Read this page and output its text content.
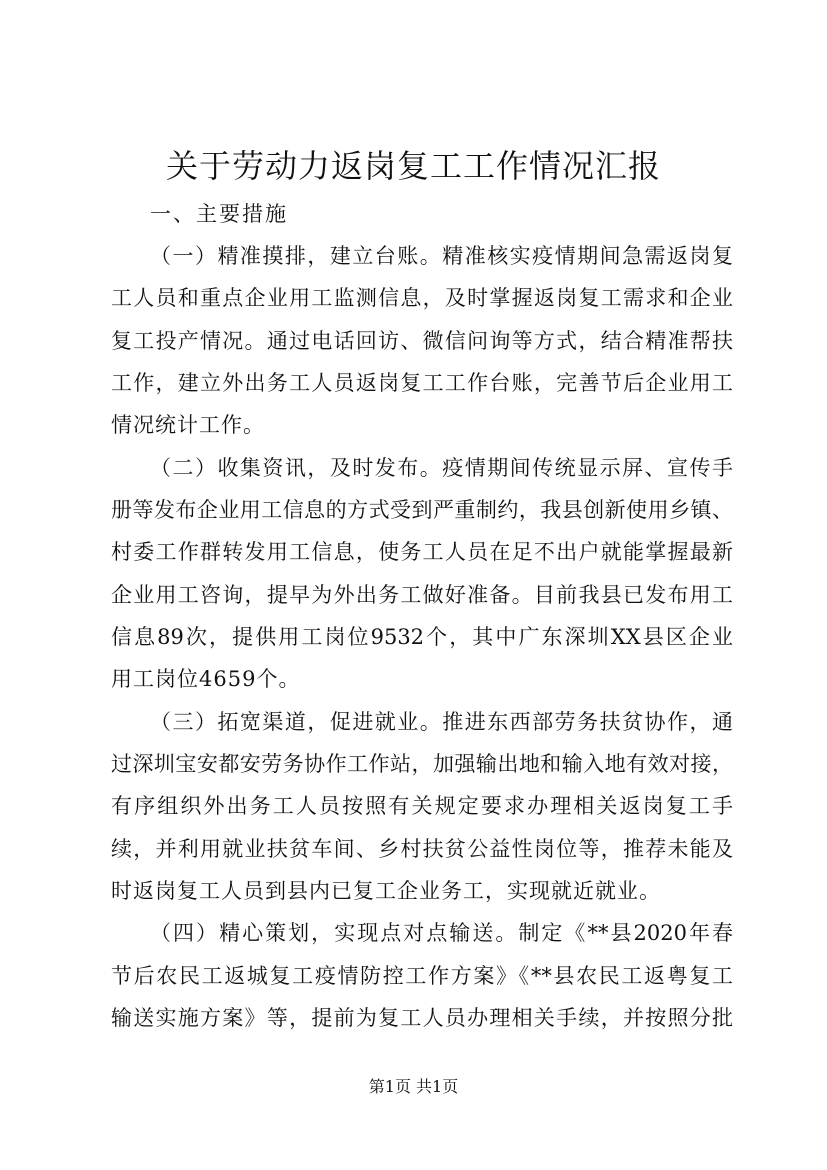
关于劳动力返岗复工工作情况汇报
一、主要措施
（一）精准摸排，建立台账。精准核实疫情期间急需返岗复
工人员和重点企业用工监测信息，及时掌握返岗复工需求和企业
复工投产情况。通过电话回访、微信问询等方式，结合精准帮扶
工作，建立外出务工人员返岗复工工作台账，完善节后企业用工
情况统计工作。
（二）收集资讯，及时发布。疫情期间传统显示屏、宣传手
册等发布企业用工信息的方式受到严重制约，我县创新使用乡镇、
村委工作群转发用工信息，使务工人员在足不出户就能掌握最新
企业用工咨询，提早为外出务工做好准备。目前我县已发布用工
信息89次，提供用工岗位9532个，其中广东深圳XX县区企业
用工岗位4659个。
（三）拓宽渠道，促进就业。推进东西部劳务扶贫协作，通
过深圳宝安都安劳务协作工作站，加强输出地和输入地有效对接，
有序组织外出务工人员按照有关规定要求办理相关返岗复工手
续，并利用就业扶贫车间、乡村扶贫公益性岗位等，推荐未能及
时返岗复工人员到县内已复工企业务工，实现就近就业。
（四）精心策划，实现点对点输送。制定《**县2020年春
节后农民工返城复工疫情防控工作方案》《**县农民工返粤复工
输送实施方案》等，提前为复工人员办理相关手续，并按照分批
第1页 共1页
